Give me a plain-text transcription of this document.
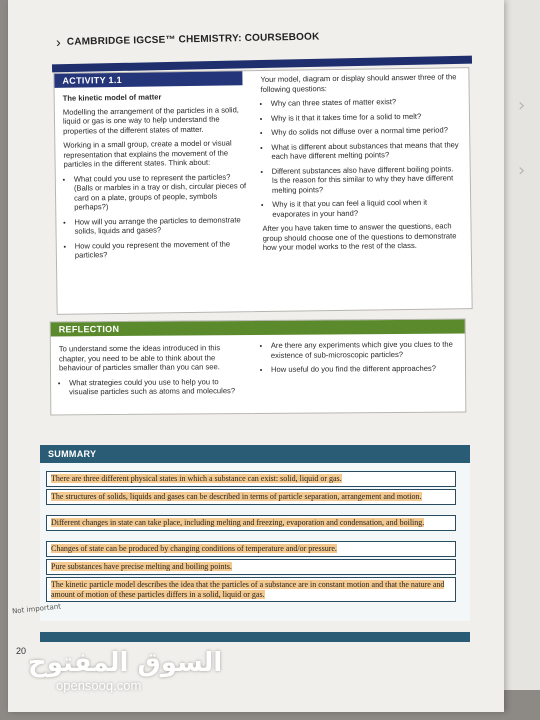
›
›
› CAMBRIDGE IGCSE™ CHEMISTRY: COURSEBOOK
ACTIVITY 1.1
The kinetic model of matter

Modelling the arrangement of the particles in a solid, liquid or gas is one way to help understand the properties of the different states of matter.

Working in a small group, create a model or visual representation that explains the movement of the particles in the different states. Think about:

• What could you use to represent the particles? (Balls or marbles in a tray or dish, circular pieces of card on a plate, groups of people, symbols perhaps?)
• How will you arrange the particles to demonstrate solids, liquids and gases?
• How could you represent the movement of the particles?

Your model, diagram or display should answer three of the following questions:

• Why can three states of matter exist?
• Why is it that it takes time for a solid to melt?
• Why do solids not diffuse over a normal time period?
• What is different about substances that means that they each have different melting points?
• Different substances also have different boiling points. Is the reason for this similar to why they have different melting points?
• Why is it that you can feel a liquid cool when it evaporates in your hand?

After you have taken time to answer the questions, each group should choose one of the questions to demonstrate how your model works to the rest of the class.

REFLECTION

To understand some the ideas introduced in this chapter, you need to be able to think about the behaviour of particles smaller than you can see.

• What strategies could you use to help you to visualise particles such as atoms and molecules?
• Are there any experiments which give you clues to the existence of sub-microscopic particles?
• How useful do you find the different approaches?
SUMMARY
There are three different physical states in which a substance can exist: solid, liquid or gas.
The structures of solids, liquids and gases can be described in terms of particle separation, arrangement and motion.
Different changes in state can take place, including melting and freezing, evaporation and condensation, and boiling.
Changes of state can be produced by changing conditions of temperature and/or pressure.
Pure substances have precise melting and boiling points.
The kinetic particle model describes the idea that the particles of a substance are in constant motion and that the nature and amount of motion of these particles differs in a solid, liquid or gas.
Not important
20 السوق المفتوح
opensooq.com
